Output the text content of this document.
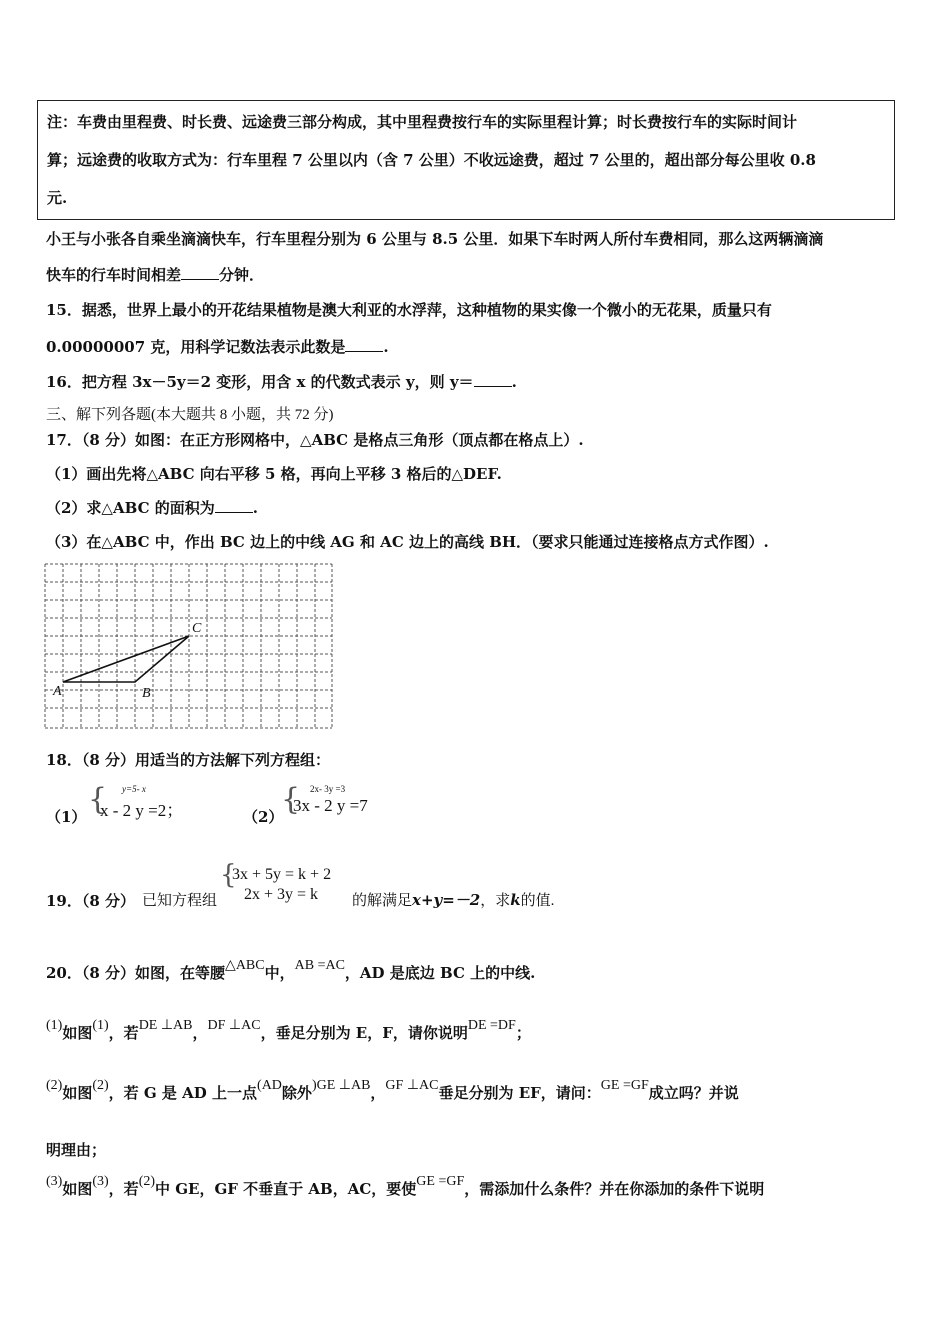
注：车费由里程费、时长费、远途费三部分构成，其中里程费按行车的实际里程计算；时长费按行车的实际时间计
算；远途费的收取方式为：行车里程 7 公里以内（含 7 公里）不收远途费，超过 7 公里的，超出部分每公里收 0.8
元.
小王与小张各自乘坐滴滴快车，行车里程分别为 6 公里与 8.5 公里．如果下车时两人所付车费相同，那么这两辆滴滴
快车的行车时间相差	分钟．
15．据悉，世界上最小的开花结果植物是澳大利亚的水浮萍，这种植物的果实像一个微小的无花果，质量只有
0.00000007 克，用科学记数法表示此数是	.
16．把方程 3x－5y＝2 变形，用含 x 的代数式表示 y，则 y＝	.
三、解下列各题(本大题共 8 小题，共 72 分)
17．（8 分）如图：在正方形网格中，△ABC 是格点三角形（顶点都在格点上）.
（1）画出先将△ABC 向右平移 5 格，再向上平移 3 格后的△DEF.
（2）求△ABC 的面积为	.
（3）在△ABC 中，作出 BC 边上的中线 AG 和 AC 边上的高线 BH．（要求只能通过连接格点方式作图）.
A	B
C
18．（8 分）用适当的方法解下列方程组：
（1） { y=5- x
x - 2 y =2；	（2）
{ 2x- 3y =3
3x - 2 y =7
19．（8 分） 已知方程组
{
3x + 5y = k + 2
2x + 3y = k 的解满足x+y=－2，求k的值.
20．（8 分）如图，在等腰△ABC中，AB =AC，AD 是底边 BC 上的中线.
(1)如图(1)，若DE ⊥AB，DF ⊥AC，垂足分别为 E，F，请你说明DE =DF；
(2)如图(2)，若 G 是 AD 上一点(AD除外)GE ⊥AB，GF ⊥AC垂足分别为 EF，请问：GE =GF成立吗？并说
明理由；
(3)如图(3)，若(2)中 GE，GF 不垂直于 AB，AC，要使GE =GF，需添加什么条件？并在你添加的条件下说明
